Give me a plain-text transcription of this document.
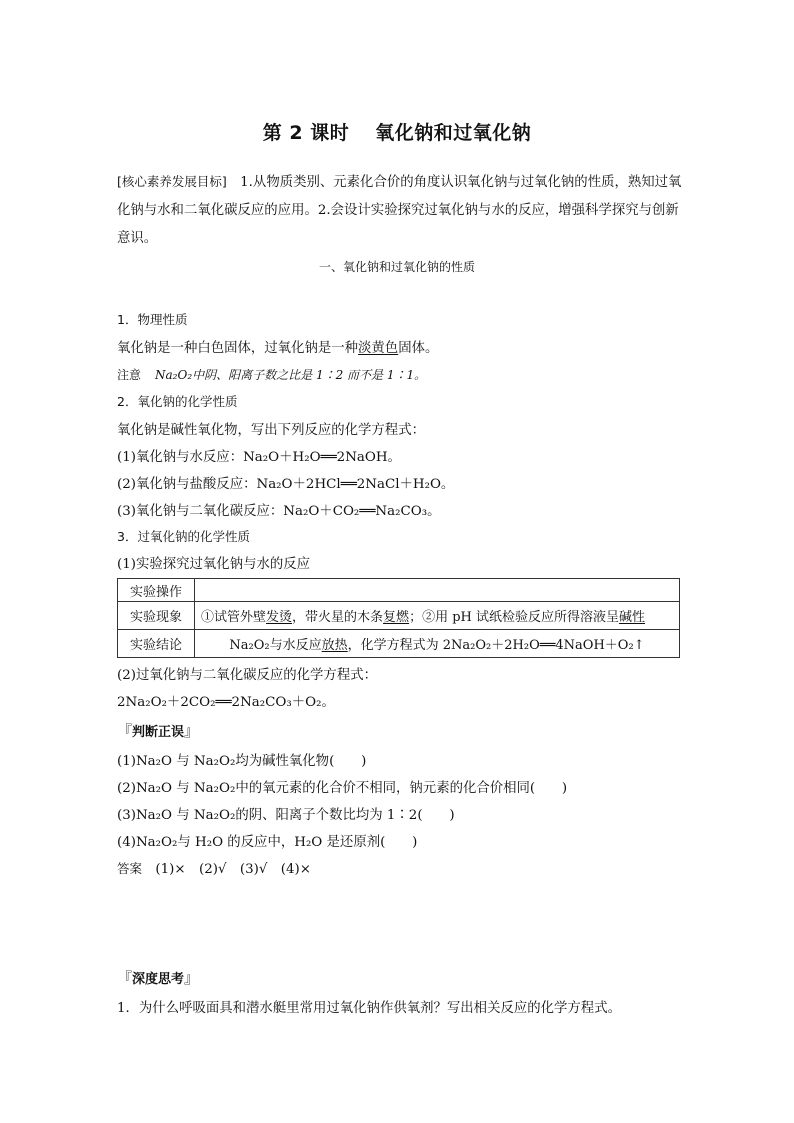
第 2 课时 氧化钠和过氧化钠
[核心素养发展目标]　 1.从物质类别、元素化合价的角度认识氧化钠与过氧化钠的性质，熟知过氧化钠与水和二氧化碳反应的应用。2.会设计实验探究过氧化钠与水的反应，增强科学探究与创新意识。
一、氧化钠和过氧化钠的性质
1．物理性质
氧化钠是一种白色固体，过氧化钠是一种淡黄色固体。
注意 Na₂O₂中阴、阳离子数之比是 1∶2 而不是 1∶1。
2．氧化钠的化学性质
氧化钠是碱性氧化物，写出下列反应的化学方程式：
(1)氧化钠与水反应：Na₂O＋H₂O══2NaOH。
(2)氧化钠与盐酸反应：Na₂O＋2HCl══2NaCl＋H₂O。
(3)氧化钠与二氧化碳反应：Na₂O＋CO₂══Na₂CO₃。
3．过氧化钠的化学性质
(1)实验探究过氧化钠与水的反应
实验操作	
实验现象	①试管外壁发烫，带火星的木条复燃；②用 pH 试纸检验反应所得溶液呈碱性
实验结论	Na₂O₂与水反应放热，化学方程式为 2Na₂O₂＋2H₂O══4NaOH＋O₂↑
(2)过氧化钠与二氧化碳反应的化学方程式：
2Na₂O₂＋2CO₂══2Na₂CO₃＋O₂。
『判断正误』
(1)Na₂O 与 Na₂O₂均为碱性氧化物(　　)
(2)Na₂O 与 Na₂O₂中的氧元素的化合价不相同，钠元素的化合价相同(　　)
(3)Na₂O 与 Na₂O₂的阴、阳离子个数比均为 1∶2(　　)
(4)Na₂O₂与 H₂O 的反应中，H₂O 是还原剂(　　)
答案　 (1)×　(2)√　(3)√　(4)×
『深度思考』
1．为什么呼吸面具和潜水艇里常用过氧化钠作供氧剂？写出相关反应的化学方程式。
